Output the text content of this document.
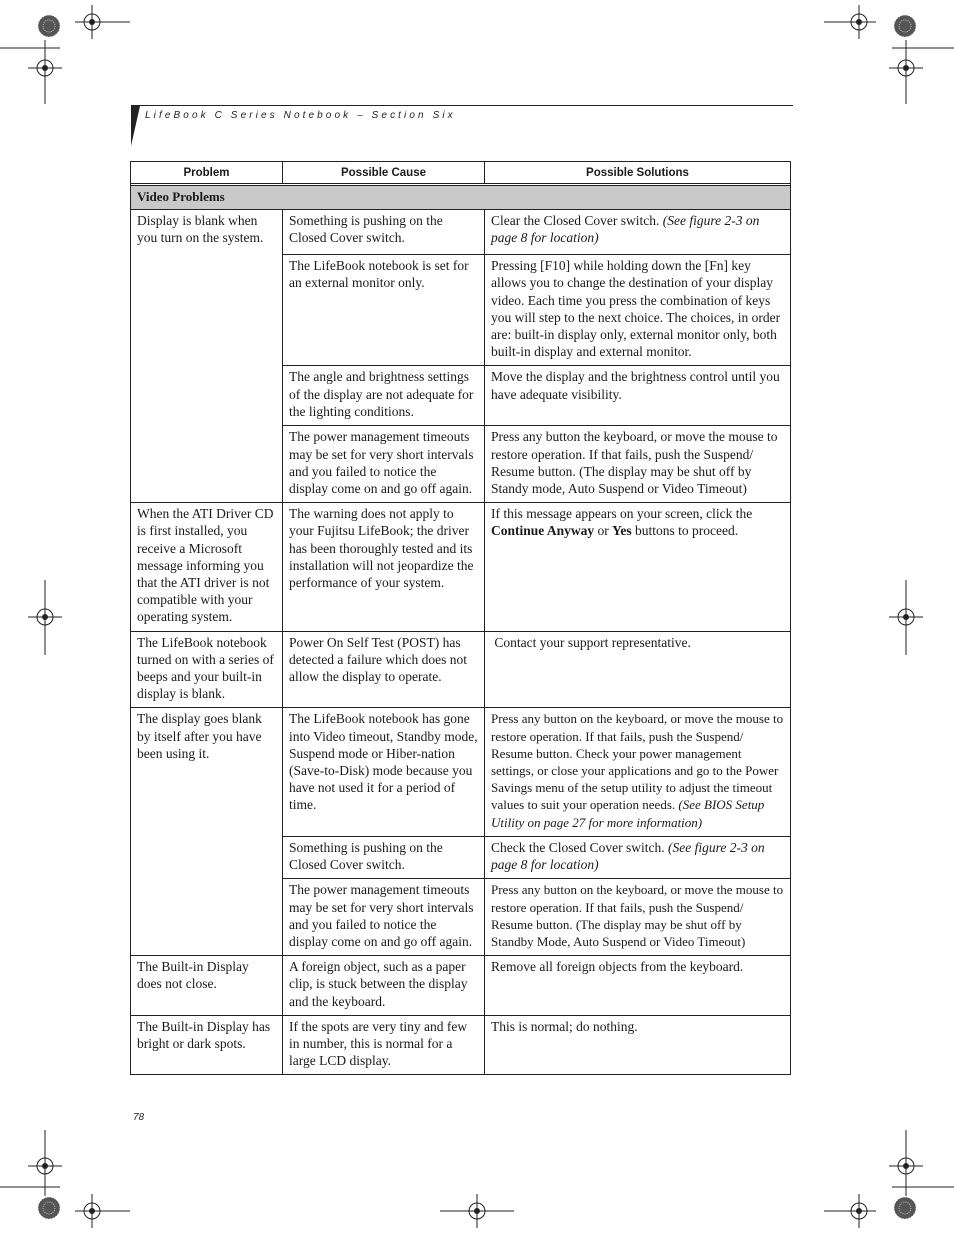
LifeBook C Series Notebook – Section Six
Problem	Possible Cause	Possible Solutions

Video Problems		
Display is blank when you turn on the system.	Something is pushing on the Closed Cover switch.	Clear the Closed Cover switch. (See figure 2-3 on page 8 for location)
	The LifeBook notebook is set for an external monitor only.	Pressing [F10] while holding down the [Fn] key allows you to change the destination of your display video. Each time you press the combination of keys you will step to the next choice. The choices, in order are: built-in display only, external monitor only, both built-in display and external monitor.
	The angle and brightness settings of the display are not adequate for the lighting conditions.	Move the display and the brightness control until you have adequate visibility.
	The power management timeouts may be set for very short intervals and you failed to notice the display come on and go off again.	Press any button the keyboard, or move the mouse to restore operation. If that fails, push the Suspend/ Resume button. (The display may be shut off by Standy mode, Auto Suspend or Video Timeout)
When the ATI Driver CD is first installed, you receive a Microsoft message informing you that the ATI driver is not compatible with your operating system.	The warning does not apply to your Fujitsu LifeBook; the driver has been thoroughly tested and its installation will not jeopardize the performance of your system.	If this message appears on your screen, click the Continue Anyway or Yes buttons to proceed.
The LifeBook notebook turned on with a series of beeps and your built-in display is blank.	Power On Self Test (POST) has detected a failure which does not allow the display to operate.	Contact your support representative.
The display goes blank by itself after you have been using it.	The LifeBook notebook has gone into Video timeout, Standby mode, Suspend mode or Hiber-nation (Save-to-Disk) mode because you have not used it for a period of time.	Press any button on the keyboard, or move the mouse to restore operation. If that fails, push the Suspend/ Resume button. Check your power management settings, or close your applications and go to the Power Savings menu of the setup utility to adjust the timeout values to suit your operation needs. (See BIOS Setup Utility on page 27 for more information)
	Something is pushing on the Closed Cover switch.	Check the Closed Cover switch. (See figure 2-3 on page 8 for location)
	The power management timeouts may be set for very short intervals and you failed to notice the display come on and go off again.	Press any button on the keyboard, or move the mouse to restore operation. If that fails, push the Suspend/ Resume button. (The display may be shut off by Standby Mode, Auto Suspend or Video Timeout)
The Built-in Display does not close.	A foreign object, such as a paper clip, is stuck between the display and the keyboard.	Remove all foreign objects from the keyboard.
The Built-in Display has bright or dark spots.	If the spots are very tiny and few in number, this is normal for a large LCD display.	This is normal; do nothing.
78
